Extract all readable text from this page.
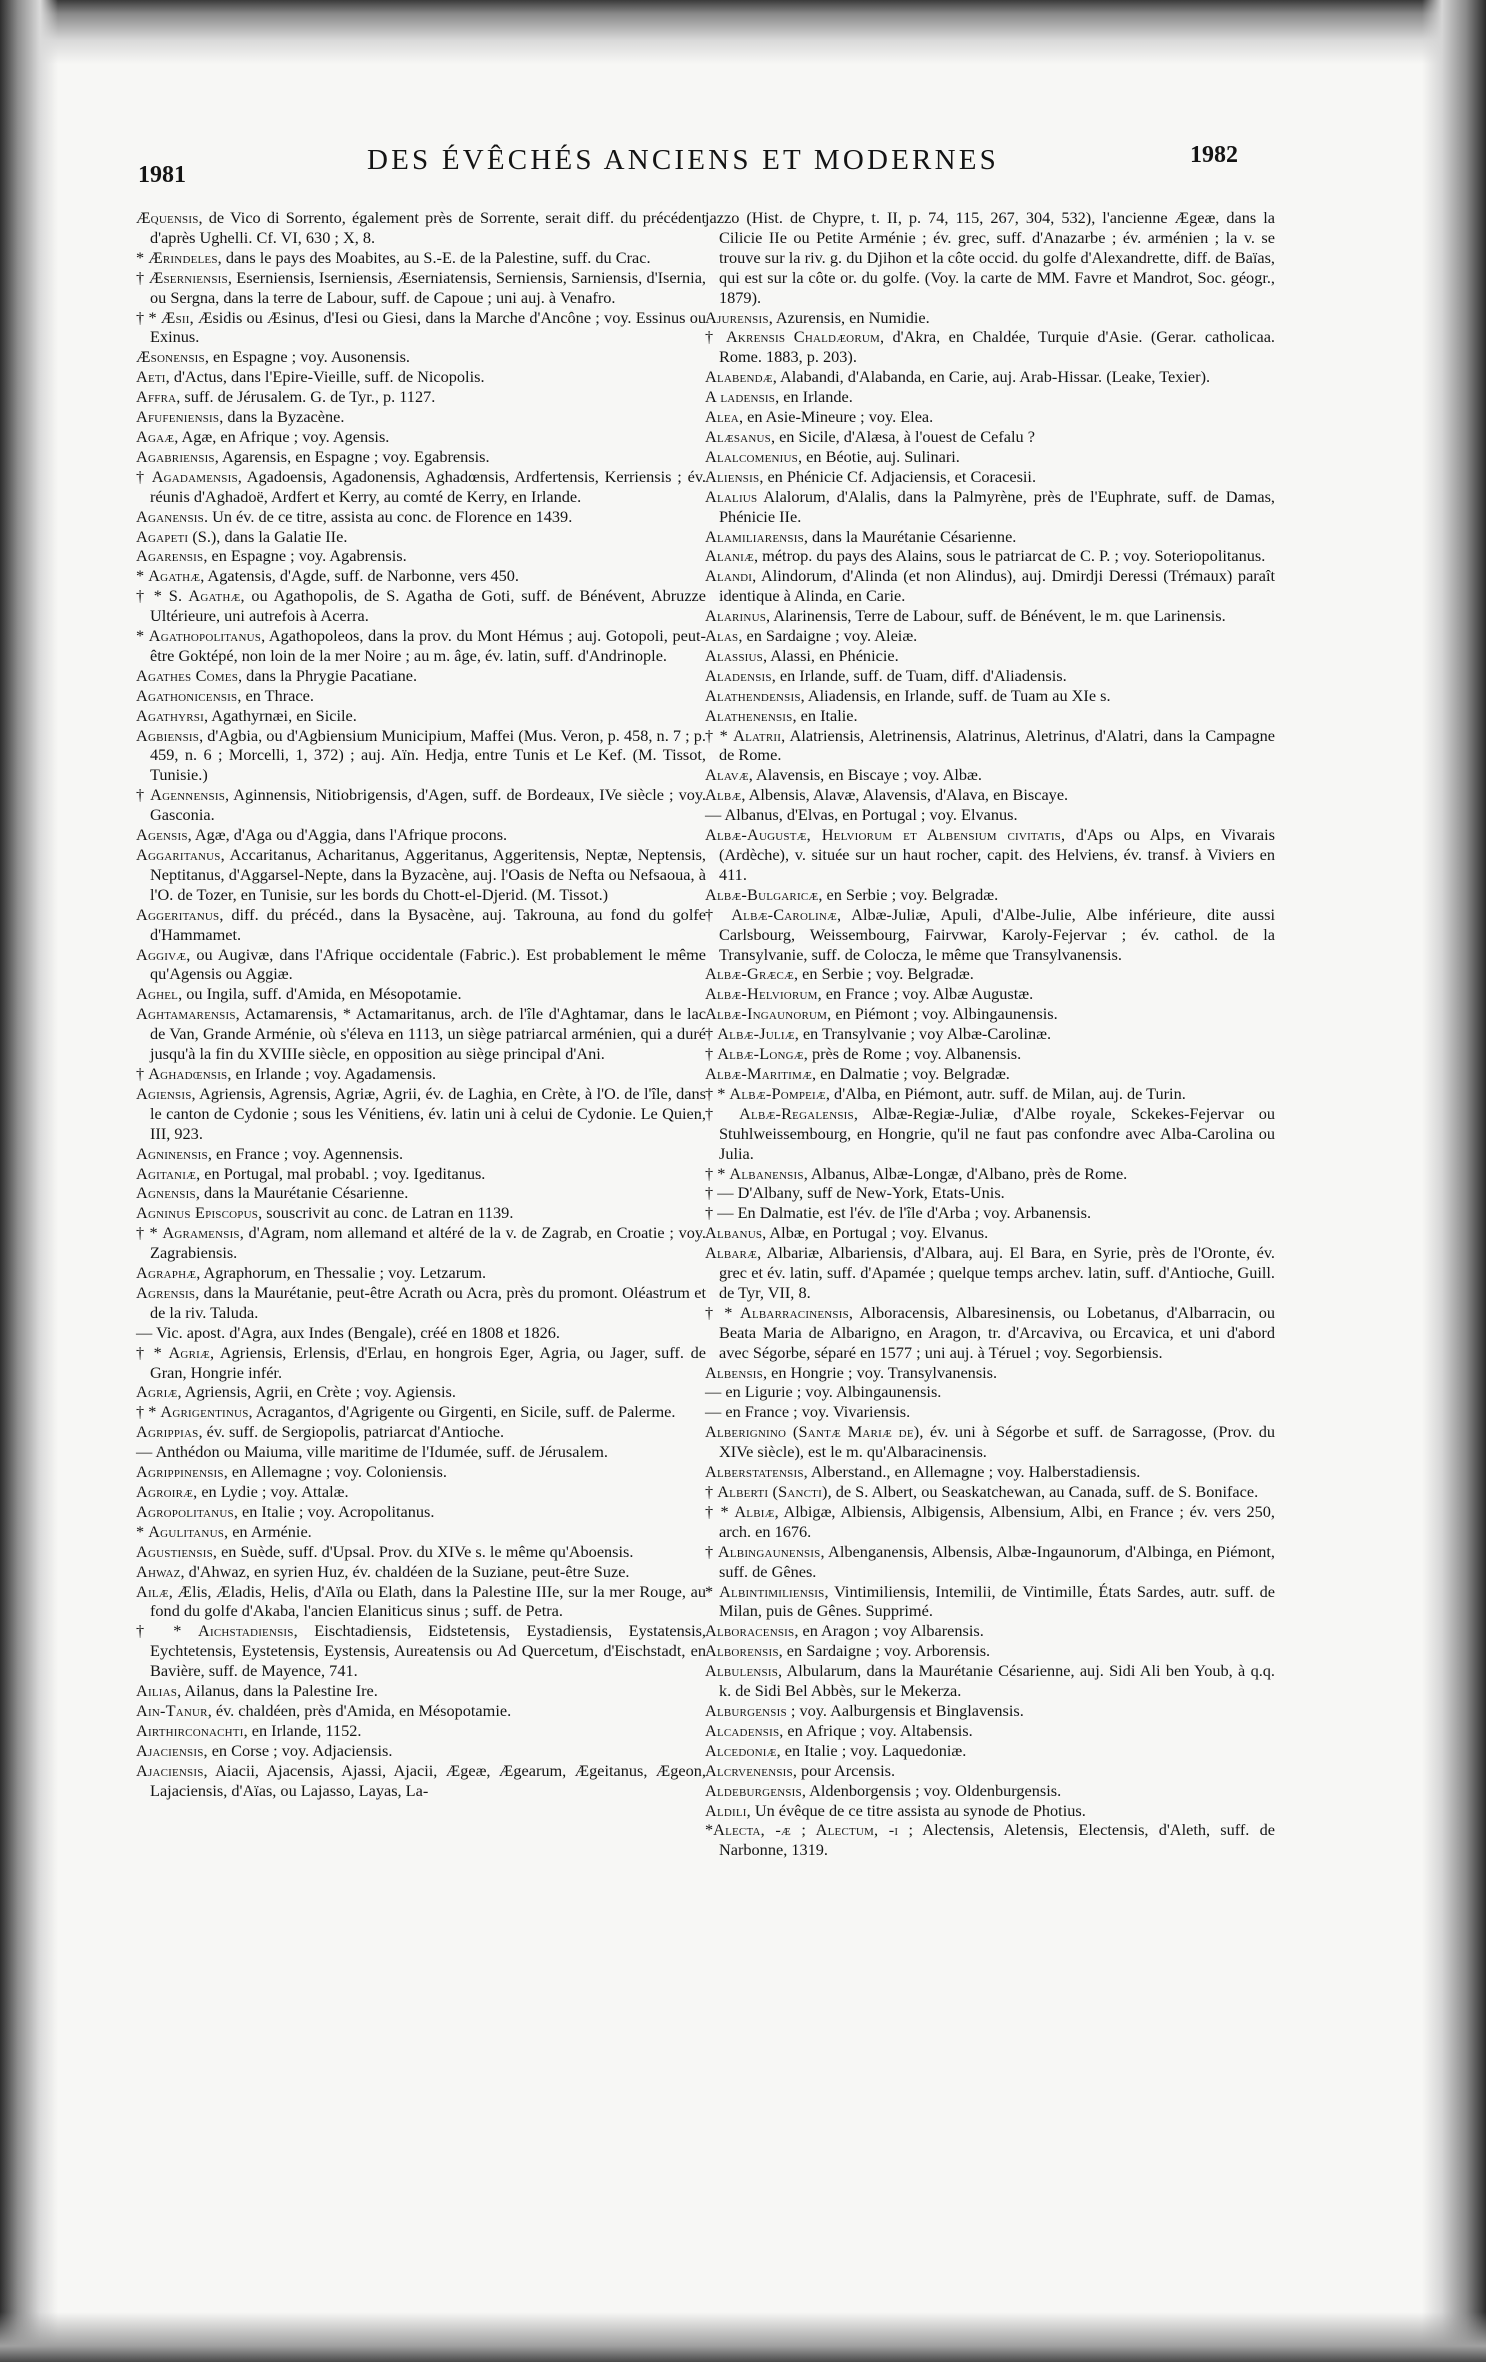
1981	DES ÉVÊCHÉS ANCIENS ET MODERNES	1982
Æquensis, de Vico di Sorrento, également près de Sorrente, serait diff. du précédent d'après Ughelli. Cf. VI, 630 ; X, 8.
* Ærindeles, dans le pays des Moabites, au S.-E. de la Palestine, suff. du Crac.
† Æserniensis, Eserniensis, Iserniensis, Æserniatensis, Serniensis, Sarniensis, d'Isernia, ou Sergna, dans la terre de Labour, suff. de Capoue ; uni auj. à Venafro.
† * Æsii, Æsidis ou Æsinus, d'Iesi ou Giesi, dans la Marche d'Ancône ; voy. Essinus ou Exinus.
Æsonensis, en Espagne ; voy. Ausonensis.
Aeti, d'Actus, dans l'Epire-Vieille, suff. de Nicopolis.
Affra, suff. de Jérusalem. G. de Tyr., p. 1127.
Afufeniensis, dans la Byzacène.
Agaæ, Agæ, en Afrique ; voy. Agensis.
Agabriensis, Agarensis, en Espagne ; voy. Egabrensis.
† Agadamensis, Agadoensis, Agadonensis, Aghadœnsis, Ardfertensis, Kerriensis ; év. réunis d'Aghadoë, Ardfert et Kerry, au comté de Kerry, en Irlande.
Aganensis. Un év. de ce titre, assista au conc. de Florence en 1439.
Agapeti (S.), dans la Galatie IIe.
Agarensis, en Espagne ; voy. Agabrensis.
* Agathæ, Agatensis, d'Agde, suff. de Narbonne, vers 450.
† * S. Agathæ, ou Agathopolis, de S. Agatha de Goti, suff. de Bénévent, Abruzze Ultérieure, uni autrefois à Acerra.
* Agathopolitanus, Agathopoleos, dans la prov. du Mont Hémus ; auj. Gotopoli, peut-être Goktépé, non loin de la mer Noire ; au m. âge, év. latin, suff. d'Andrinople.
Agathes Comes, dans la Phrygie Pacatiane.
Agathonicensis, en Thrace.
Agathyrsi, Agathyrnæi, en Sicile.
Agbiensis, d'Agbia, ou d'Agbiensium Municipium, Maffei (Mus. Veron, p. 458, n. 7 ; p. 459, n. 6 ; Morcelli, 1, 372) ; auj. Aïn. Hedja, entre Tunis et Le Kef. (M. Tissot, Tunisie.)
† Agennensis, Aginnensis, Nitiobrigensis, d'Agen, suff. de Bordeaux, IVe siècle ; voy. Gasconia.
Agensis, Agæ, d'Aga ou d'Aggia, dans l'Afrique procons.
Aggaritanus, Accaritanus, Acharitanus, Aggeritanus, Aggeritensis, Neptæ, Neptensis, Neptitanus, d'Aggarsel-Nepte, dans la Byzacène, auj. l'Oasis de Nefta ou Nefsaoua, à l'O. de Tozer, en Tunisie, sur les bords du Chott-el-Djerid. (M. Tissot.)
Aggeritanus, diff. du précéd., dans la Bysacène, auj. Takrouna, au fond du golfe d'Hammamet.
Aggivæ, ou Augivæ, dans l'Afrique occidentale (Fabric.). Est probablement le même qu'Agensis ou Aggiæ.
Aghel, ou Ingila, suff. d'Amida, en Mésopotamie.
Aghtamarensis, Actamarensis, * Actamaritanus, arch. de l'île d'Aghtamar, dans le lac de Van, Grande Arménie, où s'éleva en 1113, un siège patriarcal arménien, qui a duré jusqu'à la fin du XVIIIe siècle, en opposition au siège principal d'Ani.
† Aghadœnsis, en Irlande ; voy. Agadamensis.
Agiensis, Agriensis, Agrensis, Agriæ, Agrii, év. de Laghia, en Crète, à l'O. de l'île, dans le canton de Cydonie ; sous les Vénitiens, év. latin uni à celui de Cydonie. Le Quien, III, 923.
Agninensis, en France ; voy. Agennensis.
Agitaniæ, en Portugal, mal probabl. ; voy. Igeditanus.
Agnensis, dans la Maurétanie Césarienne.
Agninus Episcopus, souscrivit au conc. de Latran en 1139.
† * Agramensis, d'Agram, nom allemand et altéré de la v. de Zagrab, en Croatie ; voy. Zagrabiensis.
Agraphæ, Agraphorum, en Thessalie ; voy. Letzarum.
Agrensis, dans la Maurétanie, peut-être Acrath ou Acra, près du promont. Oléastrum et de la riv. Taluda.
— Vic. apost. d'Agra, aux Indes (Bengale), créé en 1808 et 1826.
† * Agriæ, Agriensis, Erlensis, d'Erlau, en hongrois Eger, Agria, ou Jager, suff. de Gran, Hongrie infér.
Agriæ, Agriensis, Agrii, en Crète ; voy. Agiensis.
† * Agrigentinus, Acragantos, d'Agrigente ou Girgenti, en Sicile, suff. de Palerme.
Agrippias, év. suff. de Sergiopolis, patriarcat d'Antioche.
— Anthédon ou Maiuma, ville maritime de l'Idumée, suff. de Jérusalem.
Agrippinensis, en Allemagne ; voy. Coloniensis.
Agroiræ, en Lydie ; voy. Attalæ.
Agropolitanus, en Italie ; voy. Acropolitanus.
* Agulitanus, en Arménie.
Agustiensis, en Suède, suff. d'Upsal. Prov. du XIVe s. le même qu'Aboensis.
Ahwaz, d'Ahwaz, en syrien Huz, év. chaldéen de la Suziane, peut-être Suze.
Ailæ, Ælis, Æladis, Helis, d'Aïla ou Elath, dans la Palestine IIIe, sur la mer Rouge, au fond du golfe d'Akaba, l'ancien Elaniticus sinus ; suff. de Petra.
† * Aichstadiensis, Eischtadiensis, Eidstetensis, Eystadiensis, Eystatensis, Eychtetensis, Eystetensis, Eystensis, Aureatensis ou Ad Quercetum, d'Eischstadt, en Bavière, suff. de Mayence, 741.
Ailias, Ailanus, dans la Palestine Ire.
Ain-Tanur, év. chaldéen, près d'Amida, en Mésopotamie.
Airthirconachti, en Irlande, 1152.
Ajaciensis, en Corse ; voy. Adjaciensis.
Ajaciensis, Aiacii, Ajacensis, Ajassi, Ajacii, Ægeæ, Ægearum, Ægeitanus, Ægeon, Lajaciensis, d'Aïas, ou Lajasso, Layas, La-
jazzo (Hist. de Chypre, t. II, p. 74, 115, 267, 304, 532), l'ancienne Ægeæ, dans la Cilicie IIe ou Petite Arménie ; év. grec, suff. d'Anazarbe ; év. arménien ; la v. se trouve sur la riv. g. du Djihon et la côte occid. du golfe d'Alexandrette, diff. de Baïas, qui est sur la côte or. du golfe. (Voy. la carte de MM. Favre et Mandrot, Soc. géogr., 1879).
Ajurensis, Azurensis, en Numidie.
† Akrensis Chaldæorum, d'Akra, en Chaldée, Turquie d'Asie. (Gerar. catholicaa. Rome. 1883, p. 203).
Alabendæ, Alabandi, d'Alabanda, en Carie, auj. Arab-Hissar. (Leake, Texier).
A ladensis, en Irlande.
Alea, en Asie-Mineure ; voy. Elea.
Alæsanus, en Sicile, d'Alæsa, à l'ouest de Cefalu ?
Alalcomenius, en Béotie, auj. Sulinari.
Aliensis, en Phénicie Cf. Adjaciensis, et Coracesii.
Alalius Alalorum, d'Alalis, dans la Palmyrène, près de l'Euphrate, suff. de Damas, Phénicie IIe.
Alamiliarensis, dans la Maurétanie Césarienne.
Alaniæ, métrop. du pays des Alains, sous le patriarcat de C. P. ; voy. Soteriopolitanus.
Alandi, Alindorum, d'Alinda (et non Alindus), auj. Dmirdji Deressi (Trémaux) paraît identique à Alinda, en Carie.
Alarinus, Alarinensis, Terre de Labour, suff. de Bénévent, le m. que Larinensis.
Alas, en Sardaigne ; voy. Aleiæ.
Alassius, Alassi, en Phénicie.
Aladensis, en Irlande, suff. de Tuam, diff. d'Aliadensis.
Alathendensis, Aliadensis, en Irlande, suff. de Tuam au XIe s.
Alathenensis, en Italie.
† * Alatrii, Alatriensis, Aletrinensis, Alatrinus, Aletrinus, d'Alatri, dans la Campagne de Rome.
Alavæ, Alavensis, en Biscaye ; voy. Albæ.
Albæ, Albensis, Alavæ, Alavensis, d'Alava, en Biscaye.
— Albanus, d'Elvas, en Portugal ; voy. Elvanus.
Albæ-Augustæ, Helviorum et Albensium civitatis, d'Aps ou Alps, en Vivarais (Ardèche), v. située sur un haut rocher, capit. des Helviens, év. transf. à Viviers en 411.
Albæ-Bulgaricæ, en Serbie ; voy. Belgradæ.
† Albæ-Carolinæ, Albæ-Juliæ, Apuli, d'Albe-Julie, Albe inférieure, dite aussi Carlsbourg, Weissembourg, Fairvwar, Karoly-Fejervar ; év. cathol. de la Transylvanie, suff. de Colocza, le même que Transylvanensis.
Albæ-Græcæ, en Serbie ; voy. Belgradæ.
Albæ-Helviorum, en France ; voy. Albæ Augustæ.
Albæ-Ingaunorum, en Piémont ; voy. Albingaunensis.
† Albæ-Juliæ, en Transylvanie ; voy Albæ-Carolinæ.
† Albæ-Longæ, près de Rome ; voy. Albanensis.
Albæ-Maritimæ, en Dalmatie ; voy. Belgradæ.
† * Albæ-Pompeiæ, d'Alba, en Piémont, autr. suff. de Milan, auj. de Turin.
† Albæ-Regalensis, Albæ-Regiæ-Juliæ, d'Albe royale, Sckekes-Fejervar ou Stuhlweissembourg, en Hongrie, qu'il ne faut pas confondre avec Alba-Carolina ou Julia.
† * Albanensis, Albanus, Albæ-Longæ, d'Albano, près de Rome.
† — D'Albany, suff de New-York, Etats-Unis.
† — En Dalmatie, est l'év. de l'île d'Arba ; voy. Arbanensis.
Albanus, Albæ, en Portugal ; voy. Elvanus.
Albaræ, Albariæ, Albariensis, d'Albara, auj. El Bara, en Syrie, près de l'Oronte, év. grec et év. latin, suff. d'Apamée ; quelque temps archev. latin, suff. d'Antioche, Guill. de Tyr, VII, 8.
† * Albarracinensis, Alboracensis, Albaresinensis, ou Lobetanus, d'Albarracin, ou Beata Maria de Albarigno, en Aragon, tr. d'Arcaviva, ou Ercavica, et uni d'abord avec Ségorbe, séparé en 1577 ; uni auj. à Téruel ; voy. Segorbiensis.
Albensis, en Hongrie ; voy. Transylvanensis.
— en Ligurie ; voy. Albingaunensis.
— en France ; voy. Vivariensis.
Alberignino (Santæ Mariæ de), év. uni à Ségorbe et suff. de Sarragosse, (Prov. du XIVe siècle), est le m. qu'Albaracinensis.
Alberstatensis, Alberstand., en Allemagne ; voy. Halberstadiensis.
† Alberti (Sancti), de S. Albert, ou Seaskatchewan, au Canada, suff. de S. Boniface.
† * Albiæ, Albigæ, Albiensis, Albigensis, Albensium, Albi, en France ; év. vers 250, arch. en 1676.
† Albingaunensis, Albenganensis, Albensis, Albæ-Ingaunorum, d'Albinga, en Piémont, suff. de Gênes.
* Albintimiliensis, Vintimiliensis, Intemilii, de Vintimille, États Sardes, autr. suff. de Milan, puis de Gênes. Supprimé.
Alboracensis, en Aragon ; voy Albarensis.
Alborensis, en Sardaigne ; voy. Arborensis.
Albulensis, Albularum, dans la Maurétanie Césarienne, auj. Sidi Ali ben Youb, à q.q. k. de Sidi Bel Abbès, sur le Mekerza.
Alburgensis ; voy. Aalburgensis et Binglavensis.
Alcadensis, en Afrique ; voy. Altabensis.
Alcedoniæ, en Italie ; voy. Laquedoniæ.
Alcrvenensis, pour Arcensis.
Aldeburgensis, Aldenborgensis ; voy. Oldenburgensis.
Aldili, Un évêque de ce titre assista au synode de Photius.
*Alecta, -æ ; Alectum, -i ; Alectensis, Aletensis, Electensis, d'Aleth, suff. de Narbonne, 1319.
